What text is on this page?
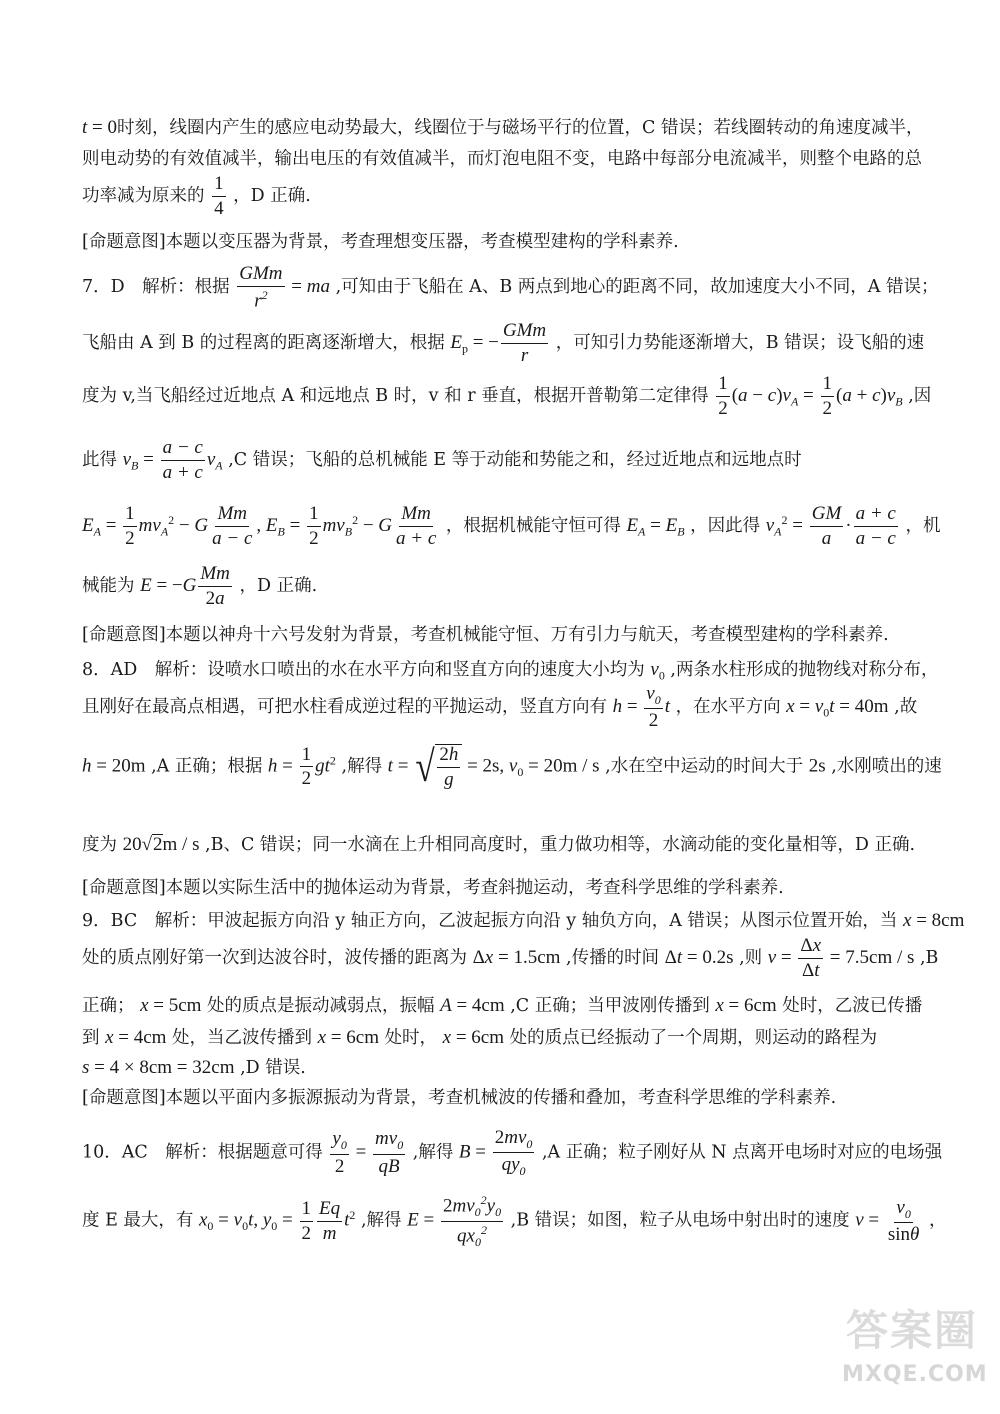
t = 0时刻，线圈内产生的感应电动势最大，线圈位于与磁场平行的位置，C 错误；若线圈转动的角速度减半，
则电动势的有效值减半，输出电压的有效值减半，而灯泡电阻不变，电路中每部分电流减半，则整个电路的总
功率减为原来的 $\frac{1}{4}$ ，D 正确.
[命题意图]本题以变压器为背景，考查理想变压器，考查模型建构的学科素养.
7．D　解析：根据
GMm
$r^2$ = ma ,可知由于飞船在 A、B 两点到地心的距离不同，故加速度大小不同，A 错误；
飞船由 A 到 B 的过程离的距离逐渐增大，根据 $E_p$ = −
GMm
r
，可知引力势能逐渐增大，B 错误；设飞船的速
度为 v,当飞船经过近地点 A 和远地点 B 时，v 和 r 垂直，根据开普勒第二定律得 $\frac{1}{2} (a - c)v_A = \frac{1}{2} (a + c)v_B$ ,因
此得 $v_B = \frac{a - c}{a + c} v_A$ ,C 错误；飞船的总机械能 E 等于动能和势能之和，经过近地点和远地点时
$E_A = \frac{1}{2} mv_A^2 - G \frac{Mm}{a - c}$ , $E_B = \frac{1}{2} mv_B^2 - G \frac{Mm}{a + c}$ ，根据机械能守恒可得 $E_A = E_B$ ，因此得 $v_A^2 = \frac{GM}{a} \cdot \frac{a + c}{a - c}$ ，机
械能为 $E = -G \frac{Mm}{2a}$ ，D 正确.
[命题意图]本题以神舟十六号发射为背景，考查机械能守恒、万有引力与航天，考查模型建构的学科素养.
8．AD　解析：设喷水口喷出的水在水平方向和竖直方向的速度大小均为 $v_0$ ,两条水柱形成的抛物线对称分布，
且刚好在最高点相遇，可把水柱看成逆过程的平抛运动，竖直方向有 $h = \frac{v_0}{2}$ t ，在水平方向 $x = v_0t = 40m$ ,故
h = 20m ,A 正确；根据 $h = \frac{1}{2} gt^2$ ,解得 t = √ $\frac{2h}{g} = 2s$, $v_0 = 20m / s$ ,水在空中运动的时间大于 2s ,水刚喷出的速
度为 20 √ 2 m / s ,B、C 错误；同一水滴在上升相同高度时，重力做功相等，水滴动能的变化量相等，D 正确.
[命题意图]本题以实际生活中的抛体运动为背景，考查斜抛运动，考查科学思维的学科素养.
9．BC　解析：甲波起振方向沿 y 轴正方向，乙波起振方向沿 y 轴负方向，A 错误；从图示位置开始，当 x = 8cm
处的质点刚好第一次到达波谷时，波传播的距离为 Δx = 1.5cm ,传播的时间 Δt = 0.2s ,则 $v = \frac{\Delta x}{\Delta t} = 7.5cm / s$ ,B
正确； x = 5cm 处的质点是振动减弱点，振幅 A = 4cm ,C 正确；当甲波刚传播到 x = 6cm 处时，乙波已传播
到 x = 4cm 处，当乙波传播到 x = 6cm 处时， x = 6cm 处的质点已经振动了一个周期，则运动的路程为
s = 4 × 8cm = 32cm ,D 错误.
[命题意图]本题以平面内多振源振动为背景，考查机械波的传播和叠加，考查科学思维的学科素养.
10．AC　解析：根据题意可得 $\frac{y_0}{2} = \frac{mv_0}{qB}$ ,解得 $B = \frac{2mv_0}{qy_0} ,A$ 正确；粒子刚好从 N 点离开电场时对应的电场强
度 E 最大，有 $x_0 = v_0t$, $y_0 = \frac{1}{2} \frac{Eq}{m} t^2$ ,解得 $E = \frac{2mv_0^2y_0}{qx_0^2} ,B$ 错误；如图，粒子从电场中射出时的速度 $v = \frac{v_0}{\sin\theta}$ ，
答案圈
MXQE.COM
